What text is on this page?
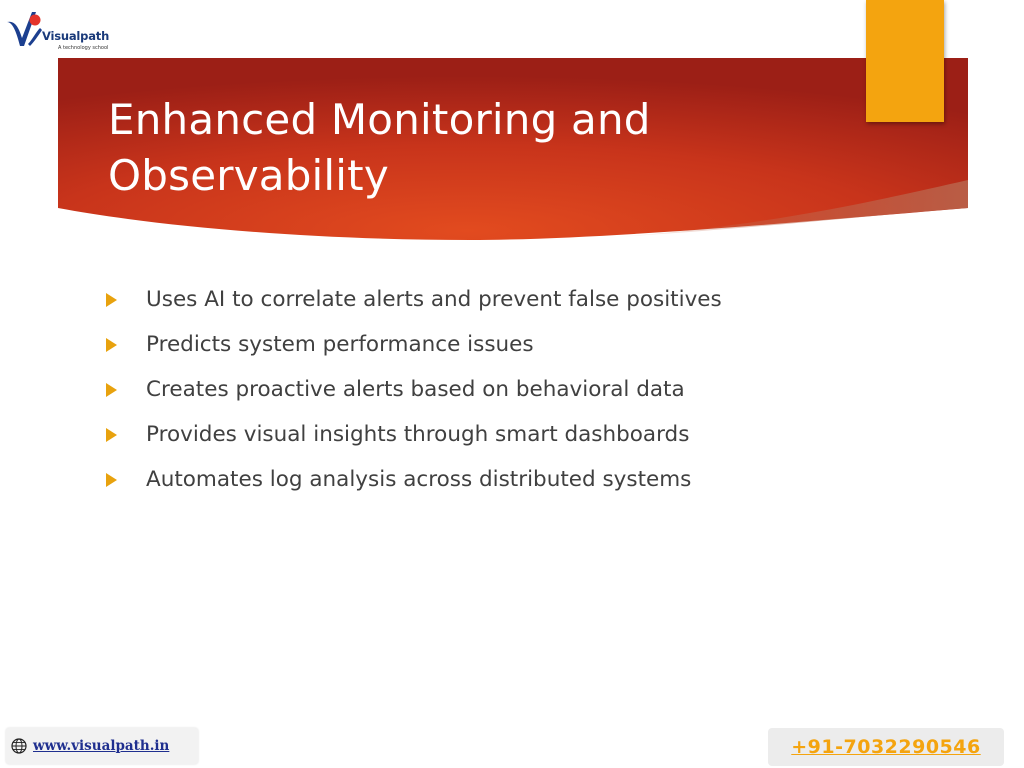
Enhanced Monitoring and
Observability
Visualpath
A technology school
Uses AI to correlate alerts and prevent false positives
Predicts system performance issues
Creates proactive alerts based on behavioral data
Provides visual insights through smart dashboards
Automates log analysis across distributed systems
www.visualpath.in	+91-7032290546
